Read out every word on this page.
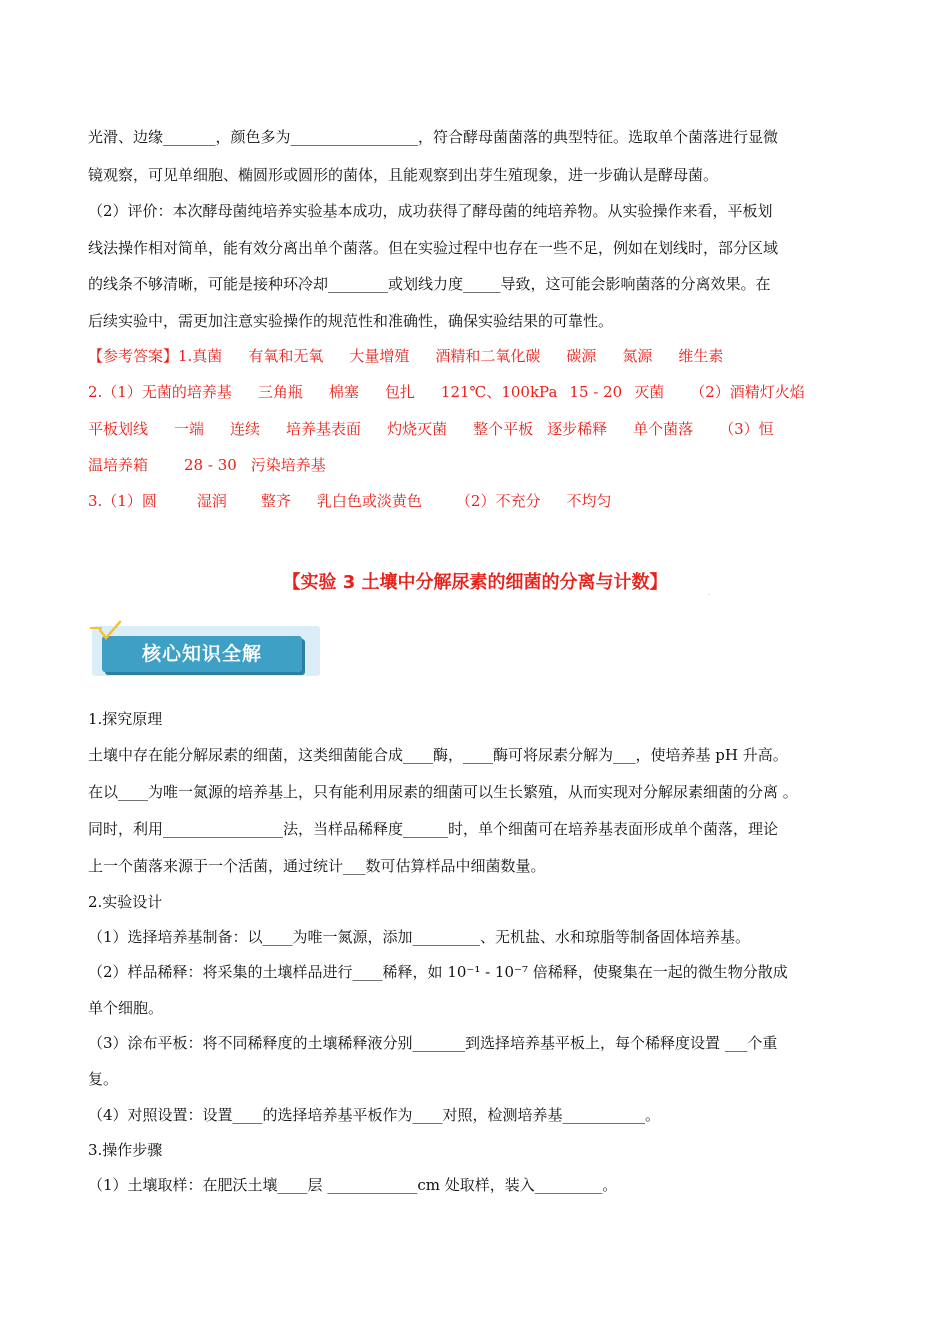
光滑、边缘_______，颜色多为_________________，符合酵母菌菌落的典型特征。选取单个菌落进行显微
镜观察，可见单细胞、椭圆形或圆形的菌体，且能观察到出芽生殖现象，进一步确认是酵母菌。
（2）评价：本次酵母菌纯培养实验基本成功，成功获得了酵母菌的纯培养物。从实验操作来看，平板划
线法操作相对简单，能有效分离出单个菌落。但在实验过程中也存在一些不足，例如在划线时，部分区域
的线条不够清晰，可能是接种环冷却________或划线力度_____导致，这可能会影响菌落的分离效果。在
后续实验中，需更加注意实验操作的规范性和准确性，确保实验结果的可靠性。
【参考答案】1.真菌 有氧和无氧 大量增殖 酒精和二氧化碳 碳源 氮源 维生素
2.（1）无菌的培养基 三角瓶 棉塞 包扎 121℃、100kPa 15 - 20 灭菌 （2）酒精灯火焰
平板划线 一端 连续 培养基表面 灼烧灭菌 整个平板 逐步稀释 单个菌落 （3）恒
温培养箱 28 - 30 污染培养基
3.（1）圆	湿润 整齐 乳白色或淡黄色 （2）不充分 不均匀
【实验 3 土壤中分解尿素的细菌的分离与计数】	.
核心知识全解
1.探究原理
土壤中存在能分解尿素的细菌，这类细菌能合成____酶，____酶可将尿素分解为___，使培养基 pH 升高。
在以____为唯一氮源的培养基上，只有能利用尿素的细菌可以生长繁殖，从而实现对分解尿素细菌的分离 。
同时，利用________________法，当样品稀释度______时，单个细菌可在培养基表面形成单个菌落，理论
上一个菌落来源于一个活菌，通过统计___数可估算样品中细菌数量。
2.实验设计
（1）选择培养基制备：以____为唯一氮源，添加_________、无机盐、水和琼脂等制备固体培养基。
（2）样品稀释：将采集的土壤样品进行____稀释，如 10⁻¹ - 10⁻⁷ 倍稀释，使聚集在一起的微生物分散成
单个细胞。
（3）涂布平板：将不同稀释度的土壤稀释液分别_______到选择培养基平板上，每个稀释度设置 ___个重
复。
（4）对照设置：设置____的选择培养基平板作为____对照，检测培养基___________。
3.操作步骤
（1）土壤取样：在肥沃土壤____层 ____________cm 处取样，装入_________。
